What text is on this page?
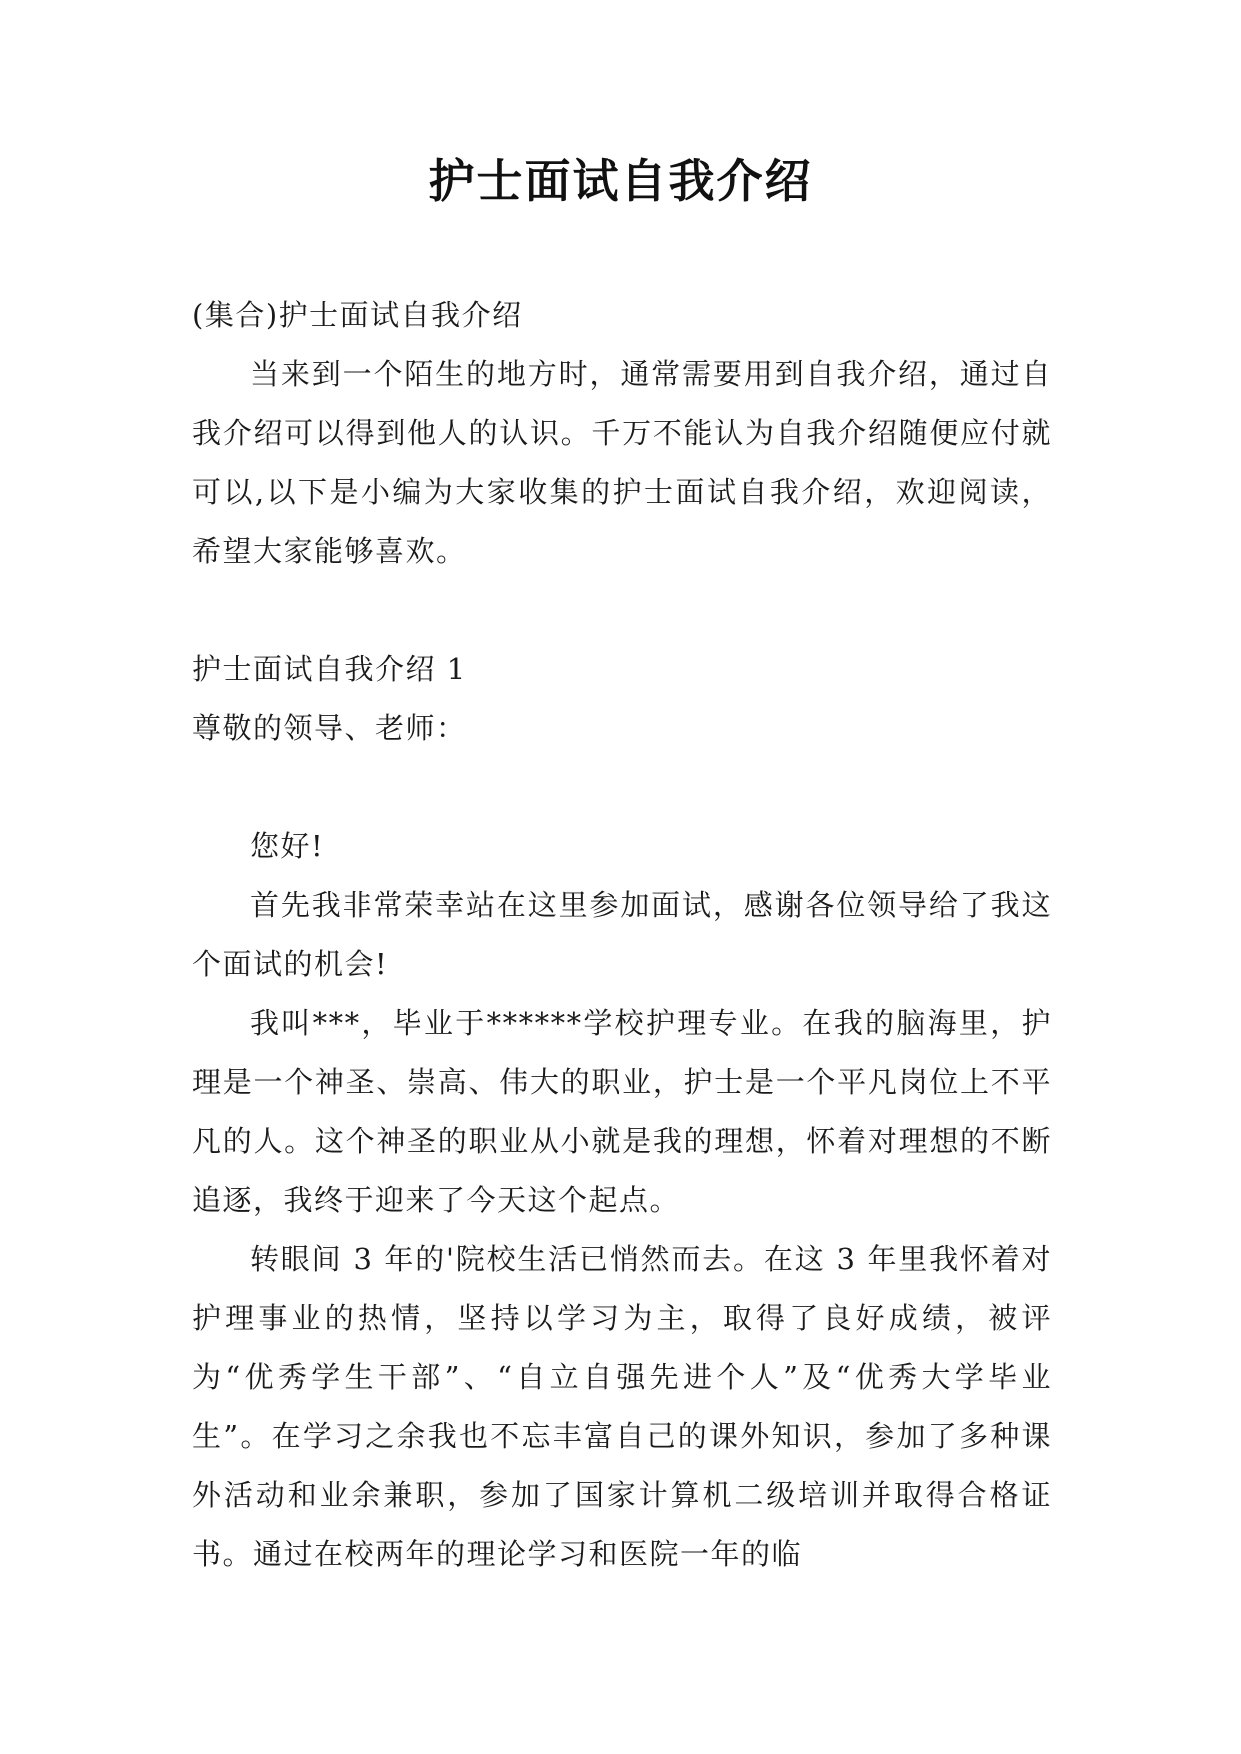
护士面试自我介绍

(集合)护士面试自我介绍

当来到一个陌生的地方时，通常需要用到自我介绍，通过自我介绍可以得到他人的认识。千万不能认为自我介绍随便应付就可以,以下是小编为大家收集的护士面试自我介绍，欢迎阅读，希望大家能够喜欢。

护士面试自我介绍 1

尊敬的领导、老师：

您好!

首先我非常荣幸站在这里参加面试，感谢各位领导给了我这个面试的机会!

我叫***，毕业于******学校护理专业。在我的脑海里，护理是一个神圣、崇高、伟大的职业，护士是一个平凡岗位上不平凡的人。这个神圣的职业从小就是我的理想，怀着对理想的不断追逐，我终于迎来了今天这个起点。

转眼间 3 年的'院校生活已悄然而去。在这 3 年里我怀着对护理事业的热情，坚持以学习为主，取得了良好成绩，被评为“优秀学生干部”、“自立自强先进个人”及“优秀大学毕业生”。在学习之余我也不忘丰富自己的课外知识，参加了多种课外活动和业余兼职，参加了国家计算机二级培训并取得合格证书。通过在校两年的理论学习和医院一年的临
